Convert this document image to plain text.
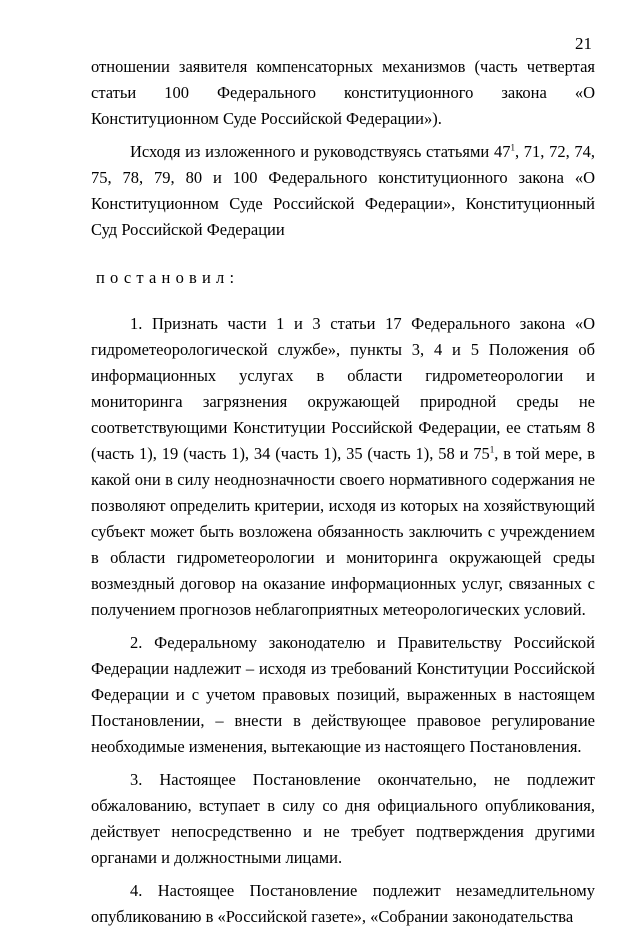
21

отношении заявителя компенсаторных механизмов (часть четвертая статьи 100 Федерального конституционного закона «О Конституционном Суде Российской Федерации»).

Исходя из изложенного и руководствуясь статьями $47^1$, 71, 72, 74, 75, 78, 79, 80 и 100 Федерального конституционного закона «О Конституционном Суде Российской Федерации», Конституционный Суд Российской Федерации

постановил:

1. Признать части 1 и 3 статьи 17 Федерального закона «О гидрометеорологической службе», пункты 3, 4 и 5 Положения об информационных услугах в области гидрометеорологии и мониторинга загрязнения окружающей природной среды не соответствующими Конституции Российской Федерации, ее статьям 8 (часть 1), 19 (часть 1), 34 (часть 1), 35 (часть 1), 58 и $75^1$, в той мере, в какой они в силу неоднозначности своего нормативного содержания не позволяют определить критерии, исходя из которых на хозяйствующий субъект может быть возложена обязанность заключить с учреждением в области гидрометеорологии и мониторинга окружающей среды возмездный договор на оказание информационных услуг, связанных с получением прогнозов неблагоприятных метеорологических условий.

2. Федеральному законодателю и Правительству Российской Федерации надлежит – исходя из требований Конституции Российской Федерации и с учетом правовых позиций, выраженных в настоящем Постановлении, – внести в действующее правовое регулирование необходимые изменения, вытекающие из настоящего Постановления.

3. Настоящее Постановление окончательно, не подлежит обжалованию, вступает в силу со дня официального опубликования, действует непосредственно и не требует подтверждения другими органами и должностными лицами.

4. Настоящее Постановление подлежит незамедлительному опубликованию в «Российской газете», «Собрании законодательства
